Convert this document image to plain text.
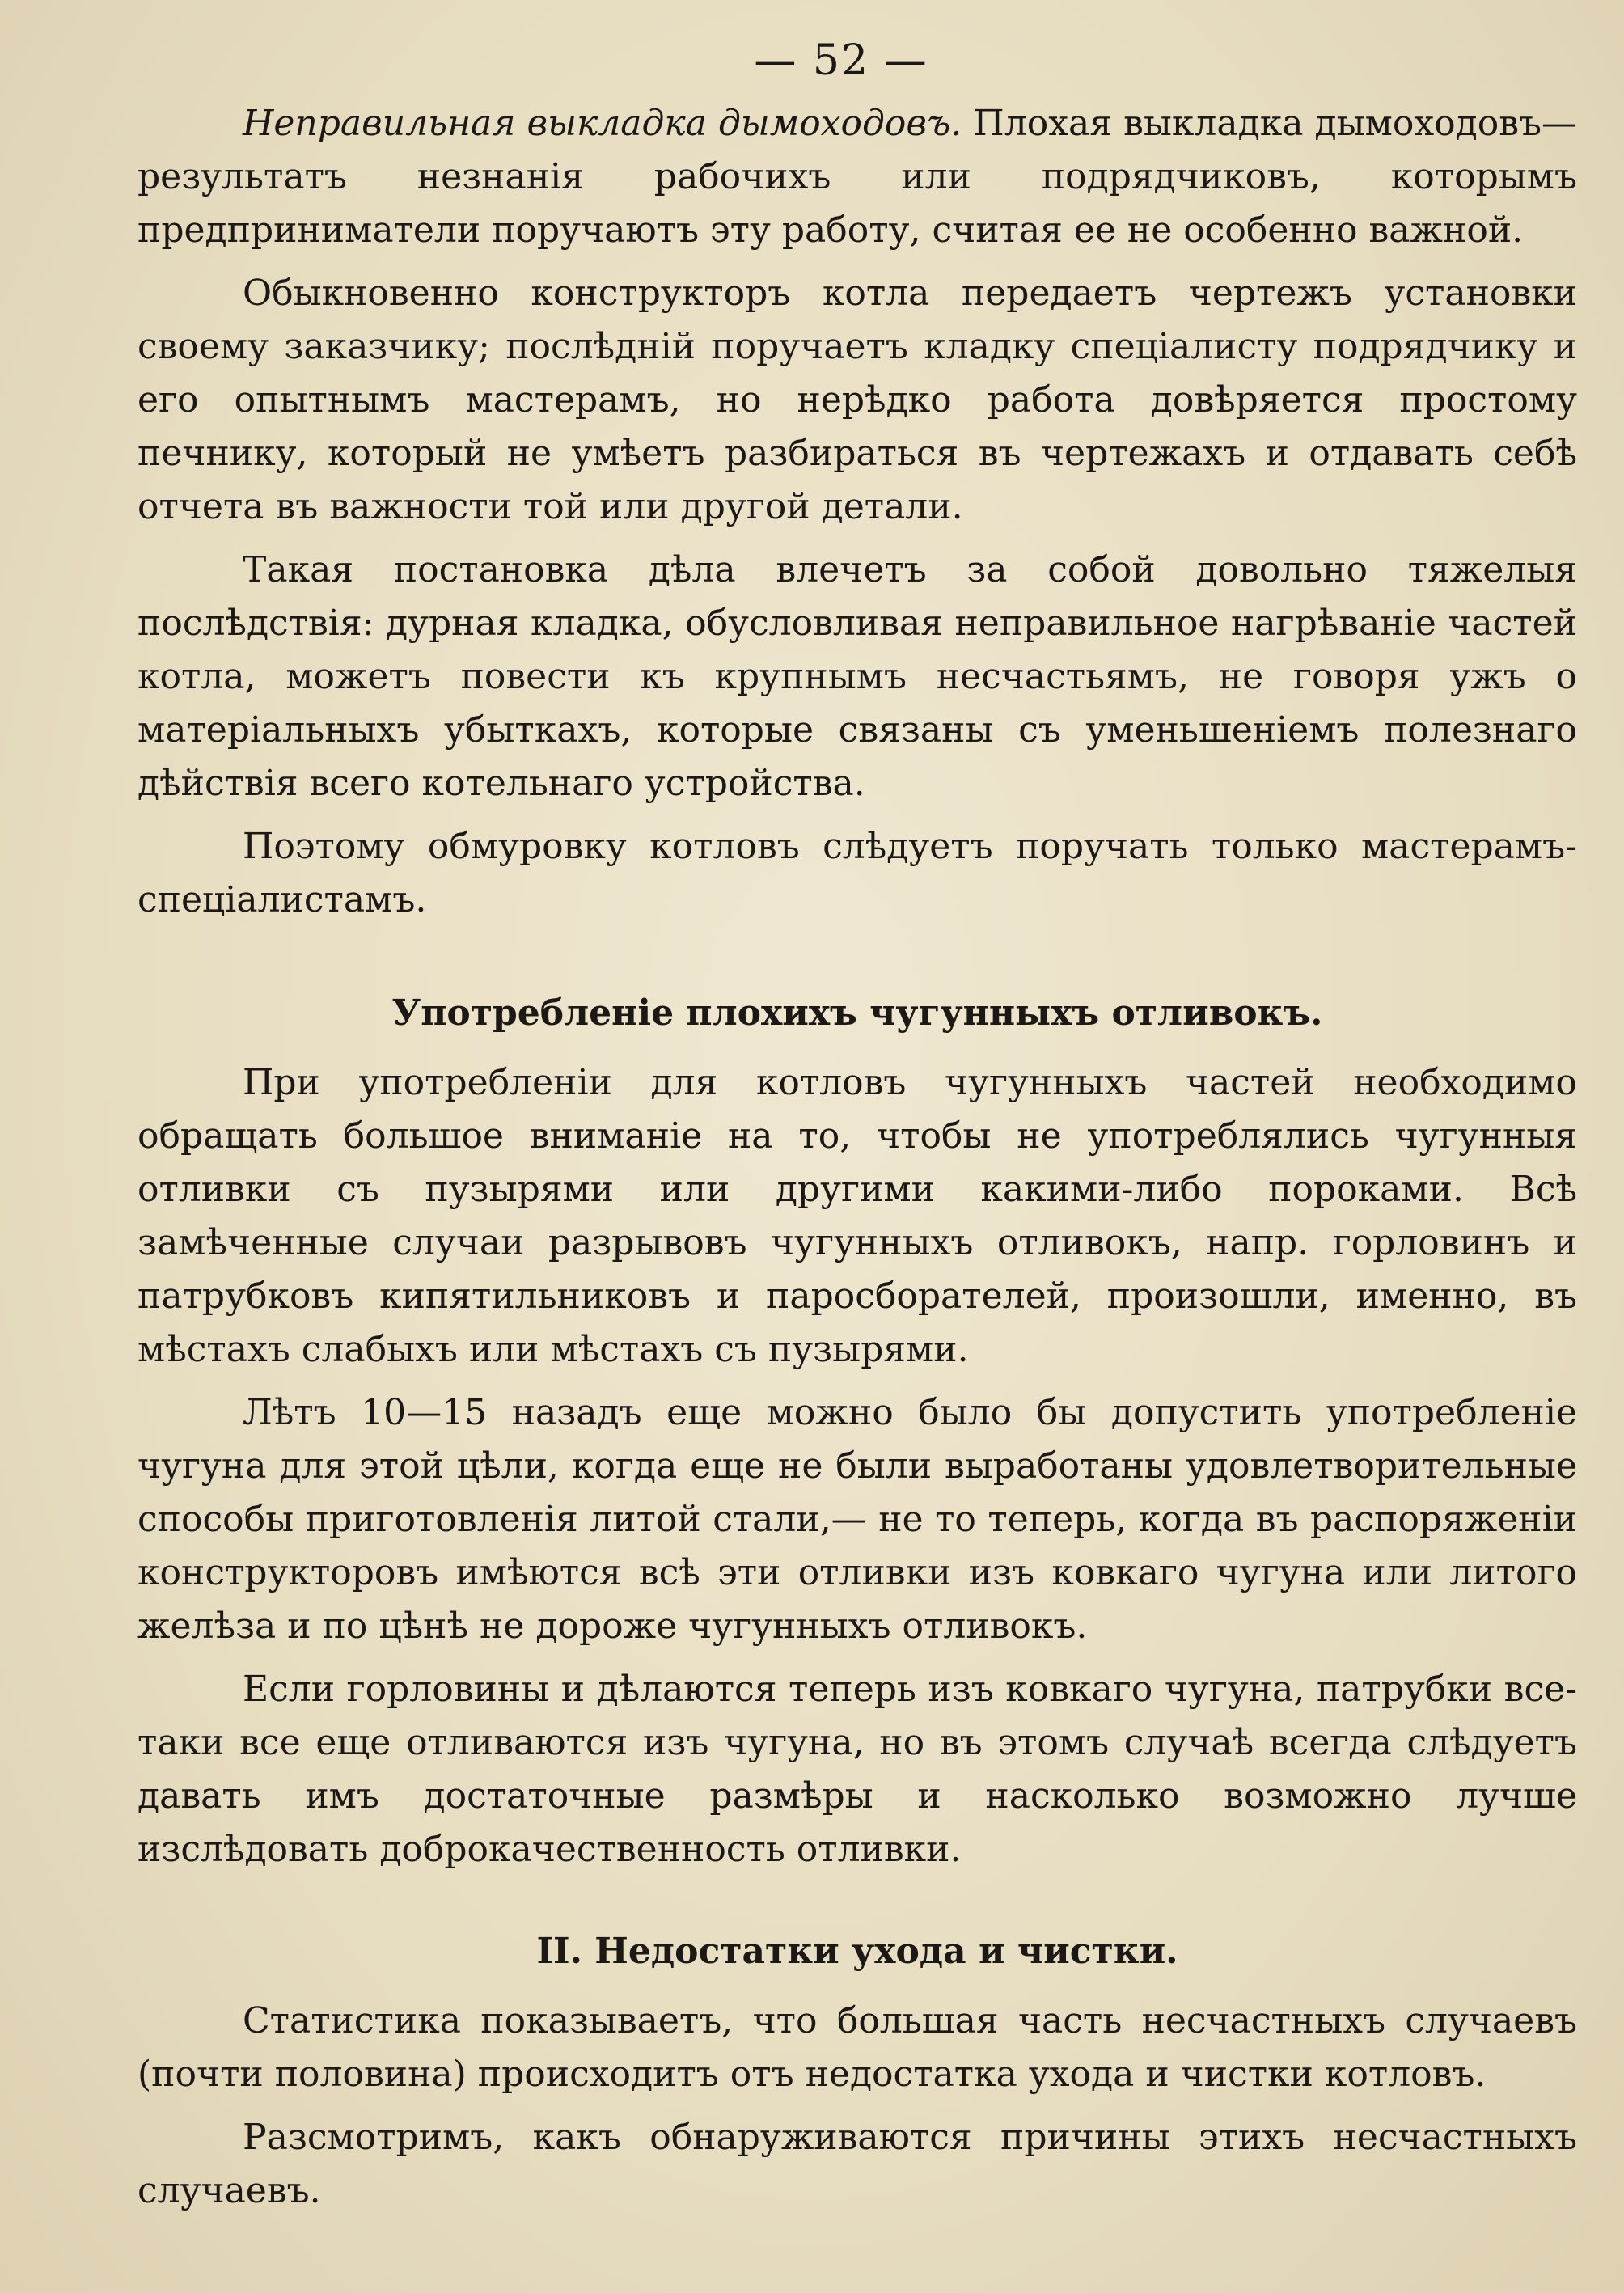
— 52 —

Неправильная выкладка дымоходовъ. Плохая выкладка дымоходовъ—результатъ незнанія рабочихъ или подрядчиковъ, которымъ предприниматели поручаютъ эту работу, считая ее не особенно важной.

Обыкновенно конструкторъ котла передаетъ чертежъ установки своему заказчику; послѣдній поручаетъ кладку спеціалисту подрядчику и его опытнымъ мастерамъ, но нерѣдко работа довѣряется простому печнику, который не умѣетъ разбираться въ чертежахъ и отдавать себѣ отчета въ важности той или другой детали.

Такая постановка дѣла влечетъ за собой довольно тяжелыя послѣдствія: дурная кладка, обусловливая неправильное нагрѣваніе частей котла, можетъ повести къ крупнымъ несчастьямъ, не говоря ужъ о матеріальныхъ убыткахъ, которые связаны съ уменьшеніемъ полезнаго дѣйствія всего котельнаго устройства.

Поэтому обмуровку котловъ слѣдуетъ поручать только мастерамъ-спеціалистамъ.

Употребленіе плохихъ чугунныхъ отливокъ.

При употребленіи для котловъ чугунныхъ частей необходимо обращать большое вниманіе на то, чтобы не употреблялись чугунныя отливки съ пузырями или другими какими-либо пороками. Всѣ замѣченные случаи разрывовъ чугунныхъ отливокъ, напр. горловинъ и патрубковъ кипятильниковъ и паросборателей, произошли, именно, въ мѣстахъ слабыхъ или мѣстахъ съ пузырями.

Лѣтъ 10—15 назадъ еще можно было бы допустить употребленіе чугуна для этой цѣли, когда еще не были выработаны удовлетворительные способы приготовленія литой стали,— не то теперь, когда въ распоряженіи конструкторовъ имѣются всѣ эти отливки изъ ковкаго чугуна или литого желѣза и по цѣнѣ не дороже чугунныхъ отливокъ.

Если горловины и дѣлаются теперь изъ ковкаго чугуна, патрубки все-таки все еще отливаются изъ чугуна, но въ этомъ случаѣ всегда слѣдуетъ давать имъ достаточные размѣры и насколько возможно лучше изслѣдовать доброкачественность отливки.

II. Недостатки ухода и чистки.

Статистика показываетъ, что большая часть несчастныхъ случаевъ (почти половина) происходитъ отъ недостатка ухода и чистки котловъ.

Разсмотримъ, какъ обнаруживаются причины этихъ несчастныхъ случаевъ.
